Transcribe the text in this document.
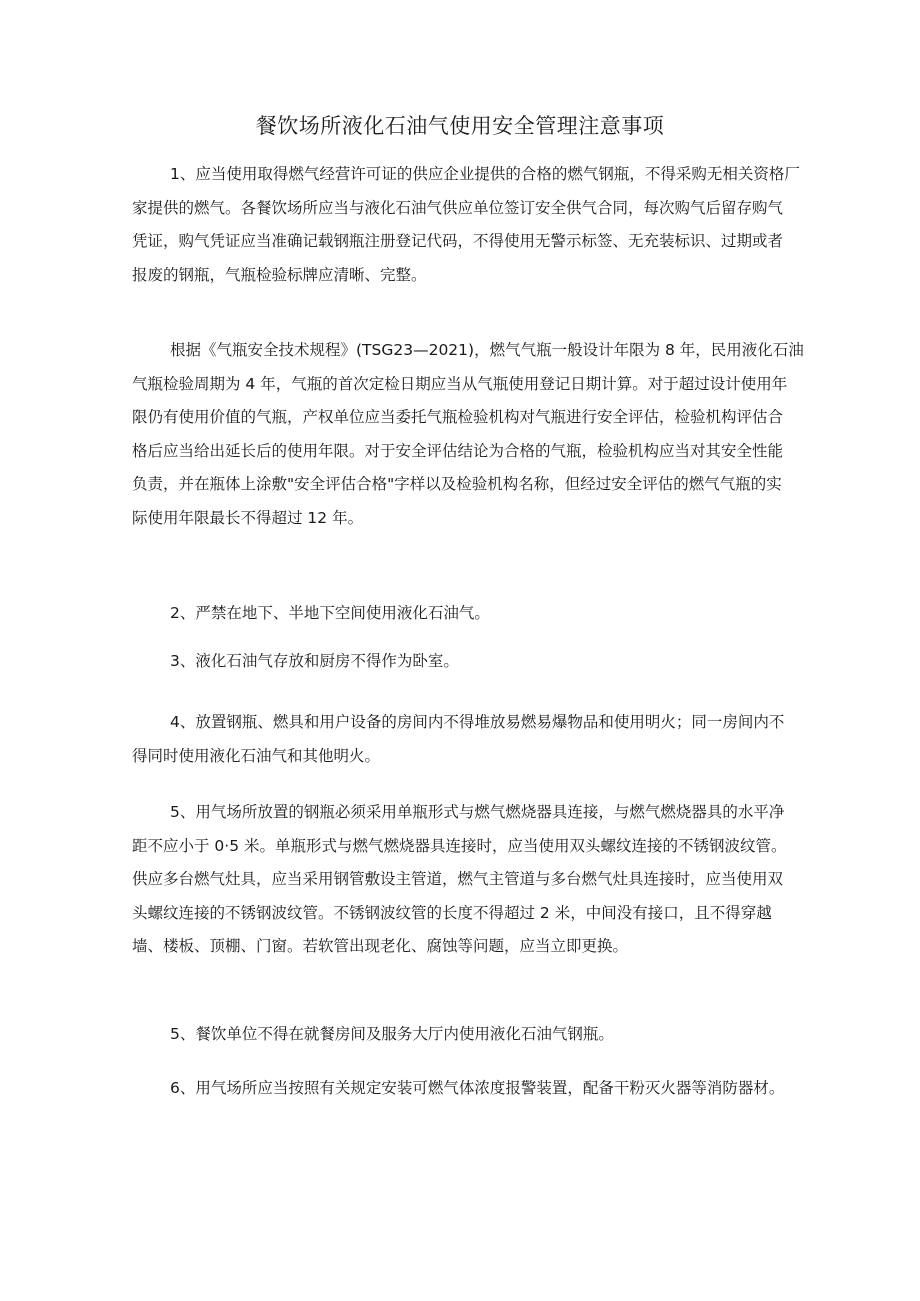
餐饮场所液化石油气使用安全管理注意事项

1、应当使用取得燃气经营许可证的供应企业提供的合格的燃气钢瓶，不得采购无相关资格厂
家提供的燃气。各餐饮场所应当与液化石油气供应单位签订安全供气合同，每次购气后留存购气
凭证，购气凭证应当准确记载钢瓶注册登记代码，不得使用无警示标签、无充装标识、过期或者
报废的钢瓶，气瓶检验标牌应清晰、完整。

根据《气瓶安全技术规程》(TSG23—2021)，燃气气瓶一般设计年限为 8 年，民用液化石油
气瓶检验周期为 4 年，气瓶的首次定检日期应当从气瓶使用登记日期计算。对于超过设计使用年
限仍有使用价值的气瓶，产权单位应当委托气瓶检验机构对气瓶进行安全评估，检验机构评估合
格后应当给出延长后的使用年限。对于安全评估结论为合格的气瓶，检验机构应当对其安全性能
负责，并在瓶体上涂敷"安全评估合格"字样以及检验机构名称，但经过安全评估的燃气气瓶的实
际使用年限最长不得超过 12 年。

2、严禁在地下、半地下空间使用液化石油气。

3、液化石油气存放和厨房不得作为卧室。

4、放置钢瓶、燃具和用户设备的房间内不得堆放易燃易爆物品和使用明火；同一房间内不
得同时使用液化石油气和其他明火。

5、用气场所放置的钢瓶必须采用单瓶形式与燃气燃烧器具连接，与燃气燃烧器具的水平净
距不应小于 0·5 米。单瓶形式与燃气燃烧器具连接时，应当使用双头螺纹连接的不锈钢波纹管。
供应多台燃气灶具，应当采用钢管敷设主管道，燃气主管道与多台燃气灶具连接时，应当使用双
头螺纹连接的不锈钢波纹管。不锈钢波纹管的长度不得超过 2 米，中间没有接口，且不得穿越
墙、楼板、顶棚、门窗。若软管出现老化、腐蚀等问题，应当立即更换。

5、餐饮单位不得在就餐房间及服务大厅内使用液化石油气钢瓶。

6、用气场所应当按照有关规定安装可燃气体浓度报警装置，配备干粉灭火器等消防器材。
